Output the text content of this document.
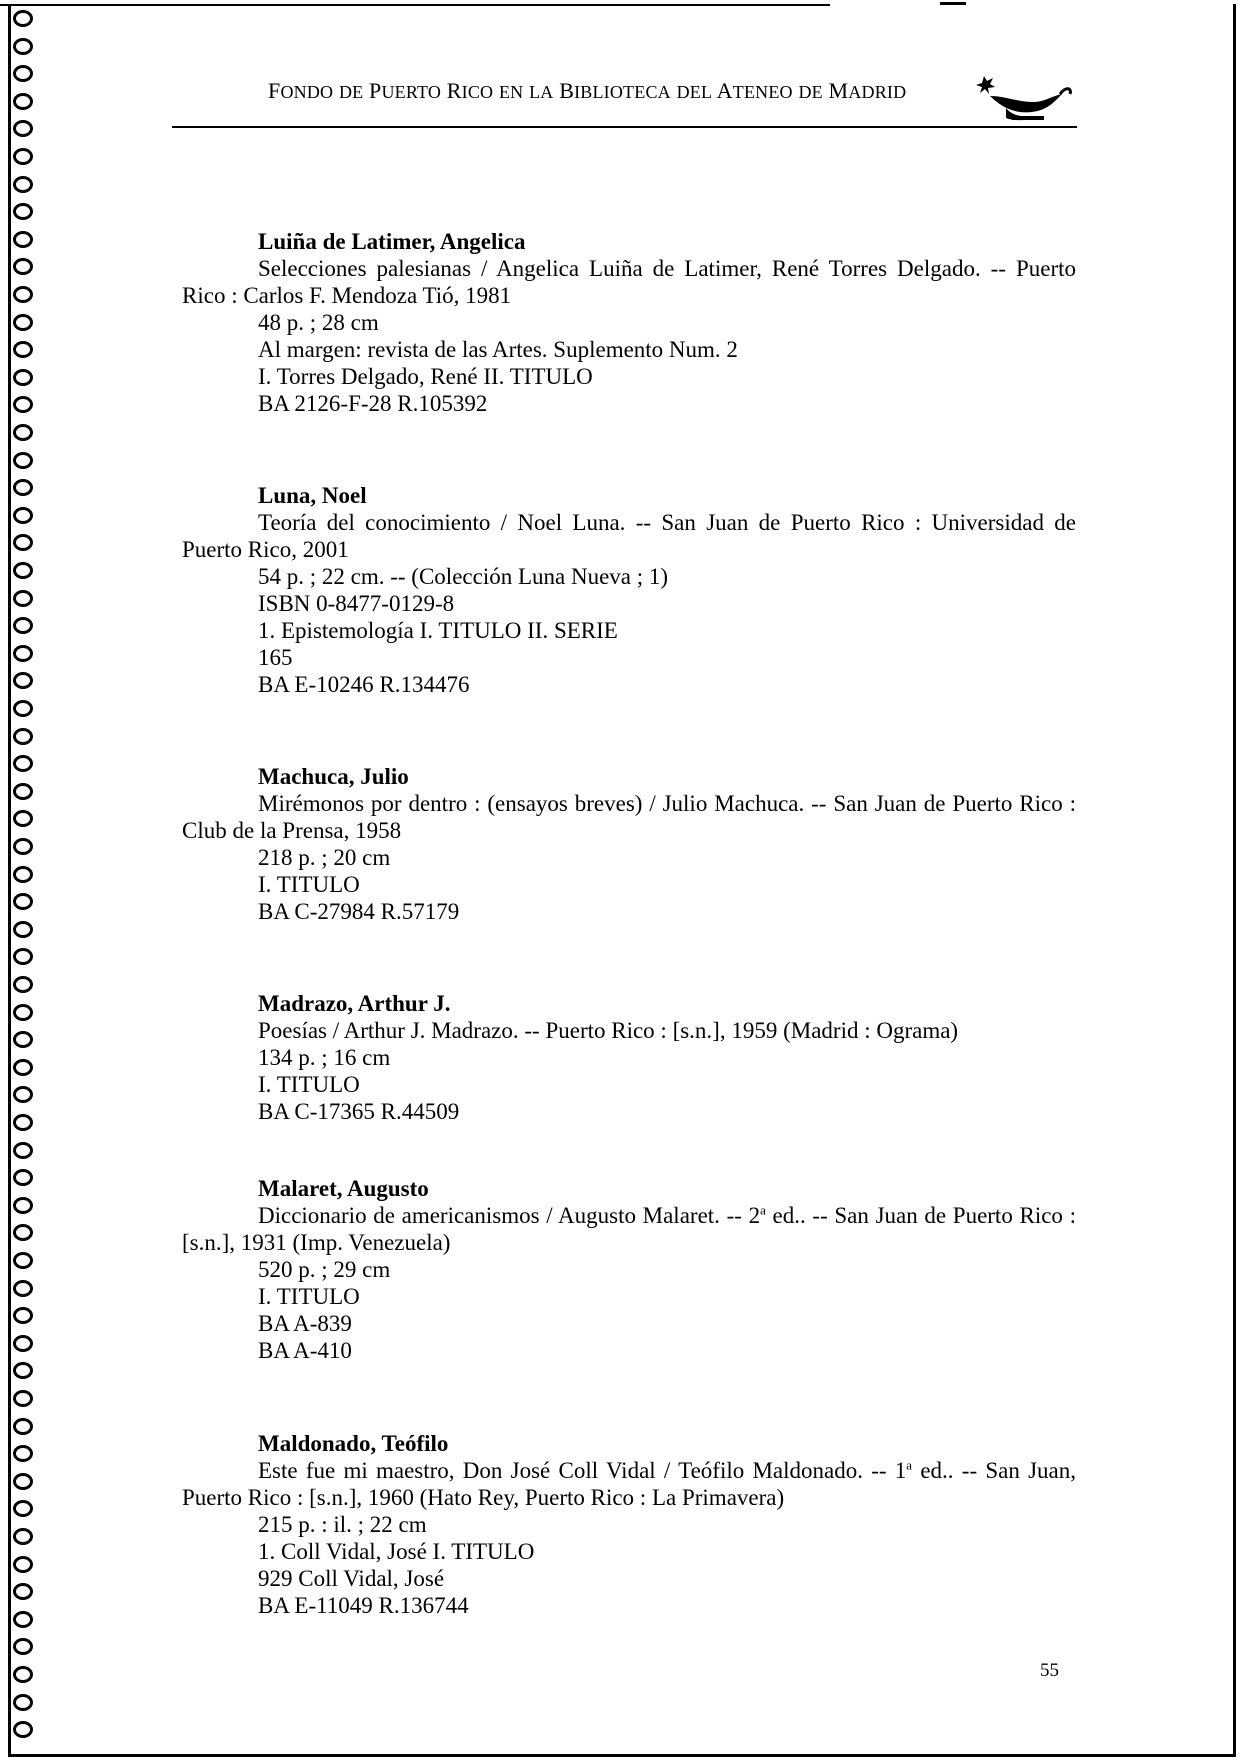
FONDO DE PUERTO RICO EN LA BIBLIOTECA DEL ATENEO DE MADRID
Luiña de Latimer, Angelica
Selecciones palesianas / Angelica Luiña de Latimer, René Torres Delgado. -- Puerto Rico : Carlos F. Mendoza Tió, 1981
48 p. ; 28 cm
Al margen: revista de las Artes. Suplemento Num. 2
I. Torres Delgado, René II. TITULO
BA 2126-F-28 R.105392
Luna, Noel
Teoría del conocimiento / Noel Luna. -- San Juan de Puerto Rico : Universidad de Puerto Rico, 2001
54 p. ; 22 cm. -- (Colección Luna Nueva ; 1)
ISBN 0-8477-0129-8
1. Epistemología I. TITULO II. SERIE
165
BA E-10246 R.134476
Machuca, Julio
Mirémonos por dentro : (ensayos breves) / Julio Machuca. -- San Juan de Puerto Rico : Club de la Prensa, 1958
218 p. ; 20 cm
I. TITULO
BA C-27984 R.57179
Madrazo, Arthur J.
Poesías / Arthur J. Madrazo. -- Puerto Rico : [s.n.], 1959 (Madrid : Ograma)
134 p. ; 16 cm
I. TITULO
BA C-17365 R.44509
Malaret, Augusto
Diccionario de americanismos / Augusto Malaret. -- 2$^a$ ed.. -- San Juan de Puerto Rico : [s.n.], 1931 (Imp. Venezuela)
520 p. ; 29 cm
I. TITULO
BA A-839
BA A-410
Maldonado, Teófilo
Este fue mi maestro, Don José Coll Vidal / Teófilo Maldonado. -- 1$^a$ ed.. -- San Juan, Puerto Rico : [s.n.], 1960 (Hato Rey, Puerto Rico : La Primavera)
215 p. : il. ; 22 cm
1. Coll Vidal, José I. TITULO
929 Coll Vidal, José
BA E-11049 R.136744
55
